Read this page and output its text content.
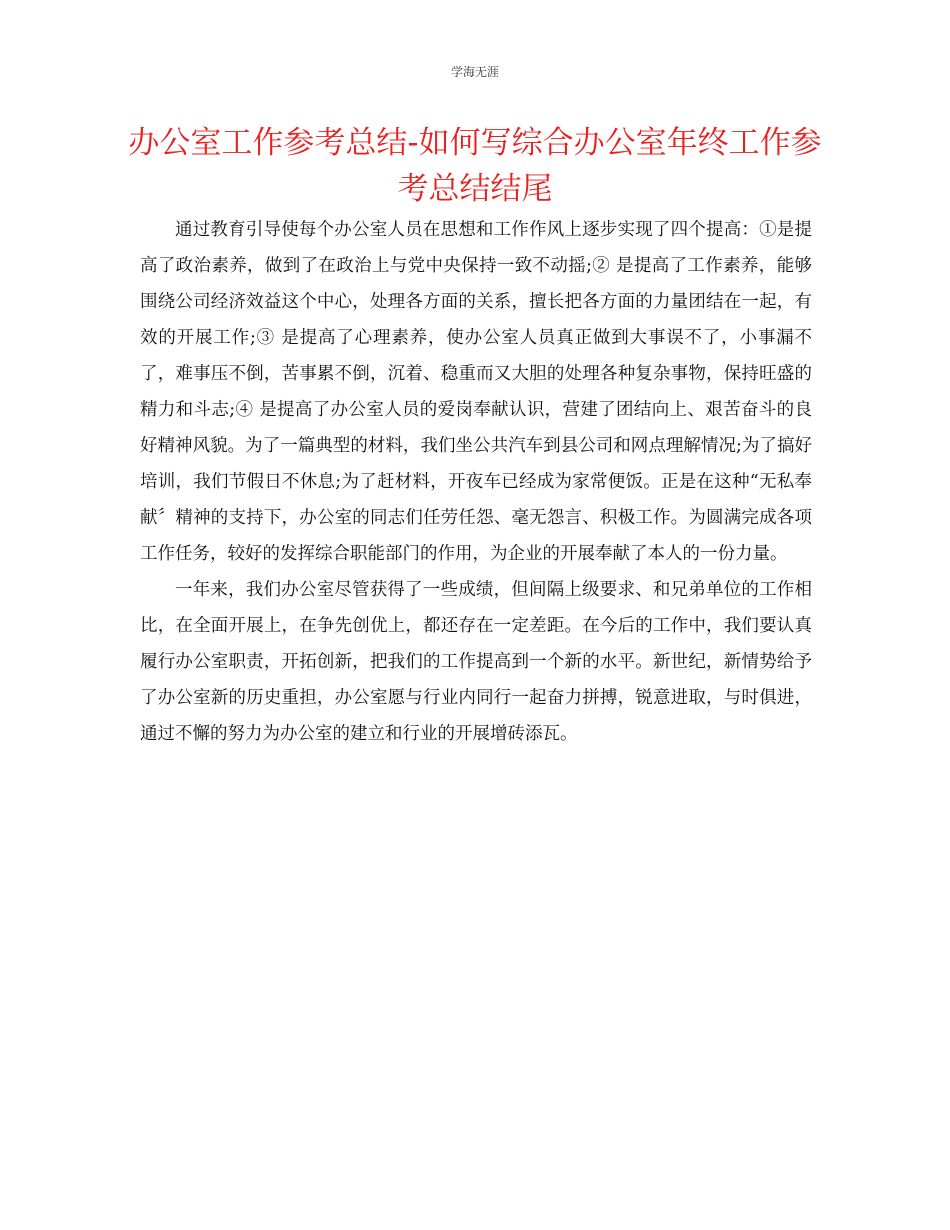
学海无涯
办公室工作参考总结-如何写综合办公室年终工作参考总结结尾

通过教育引导使每个办公室人员在思想和工作作风上逐步实现了四个提高：①是提高了政治素养，做到了在政治上与党中央保持一致不动摇;② 是提高了工作素养，能够围绕公司经济效益这个中心，处理各方面的关系，擅长把各方面的力量团结在一起，有效的开展工作;③ 是提高了心理素养，使办公室人员真正做到大事误不了，小事漏不了，难事压不倒，苦事累不倒，沉着、稳重而又大胆的处理各种复杂事物，保持旺盛的精力和斗志;④ 是提高了办公室人员的爱岗奉献认识，营建了团结向上、艰苦奋斗的良好精神风貌。为了一篇典型的材料，我们坐公共汽车到县公司和网点理解情况;为了搞好培训，我们节假日不休息;为了赶材料，开夜车已经成为家常便饭。正是在这种“无私奉献〞精神的支持下，办公室的同志们任劳任怨、毫无怨言、积极工作。为圆满完成各项工作任务，较好的发挥综合职能部门的作用，为企业的开展奉献了本人的一份力量。

一年来，我们办公室尽管获得了一些成绩，但间隔上级要求、和兄弟单位的工作相比，在全面开展上，在争先创优上，都还存在一定差距。在今后的工作中，我们要认真履行办公室职责，开拓创新，把我们的工作提高到一个新的水平。新世纪，新情势给予了办公室新的历史重担，办公室愿与行业内同行一起奋力拼搏，锐意进取，与时俱进，通过不懈的努力为办公室的建立和行业的开展增砖添瓦。
